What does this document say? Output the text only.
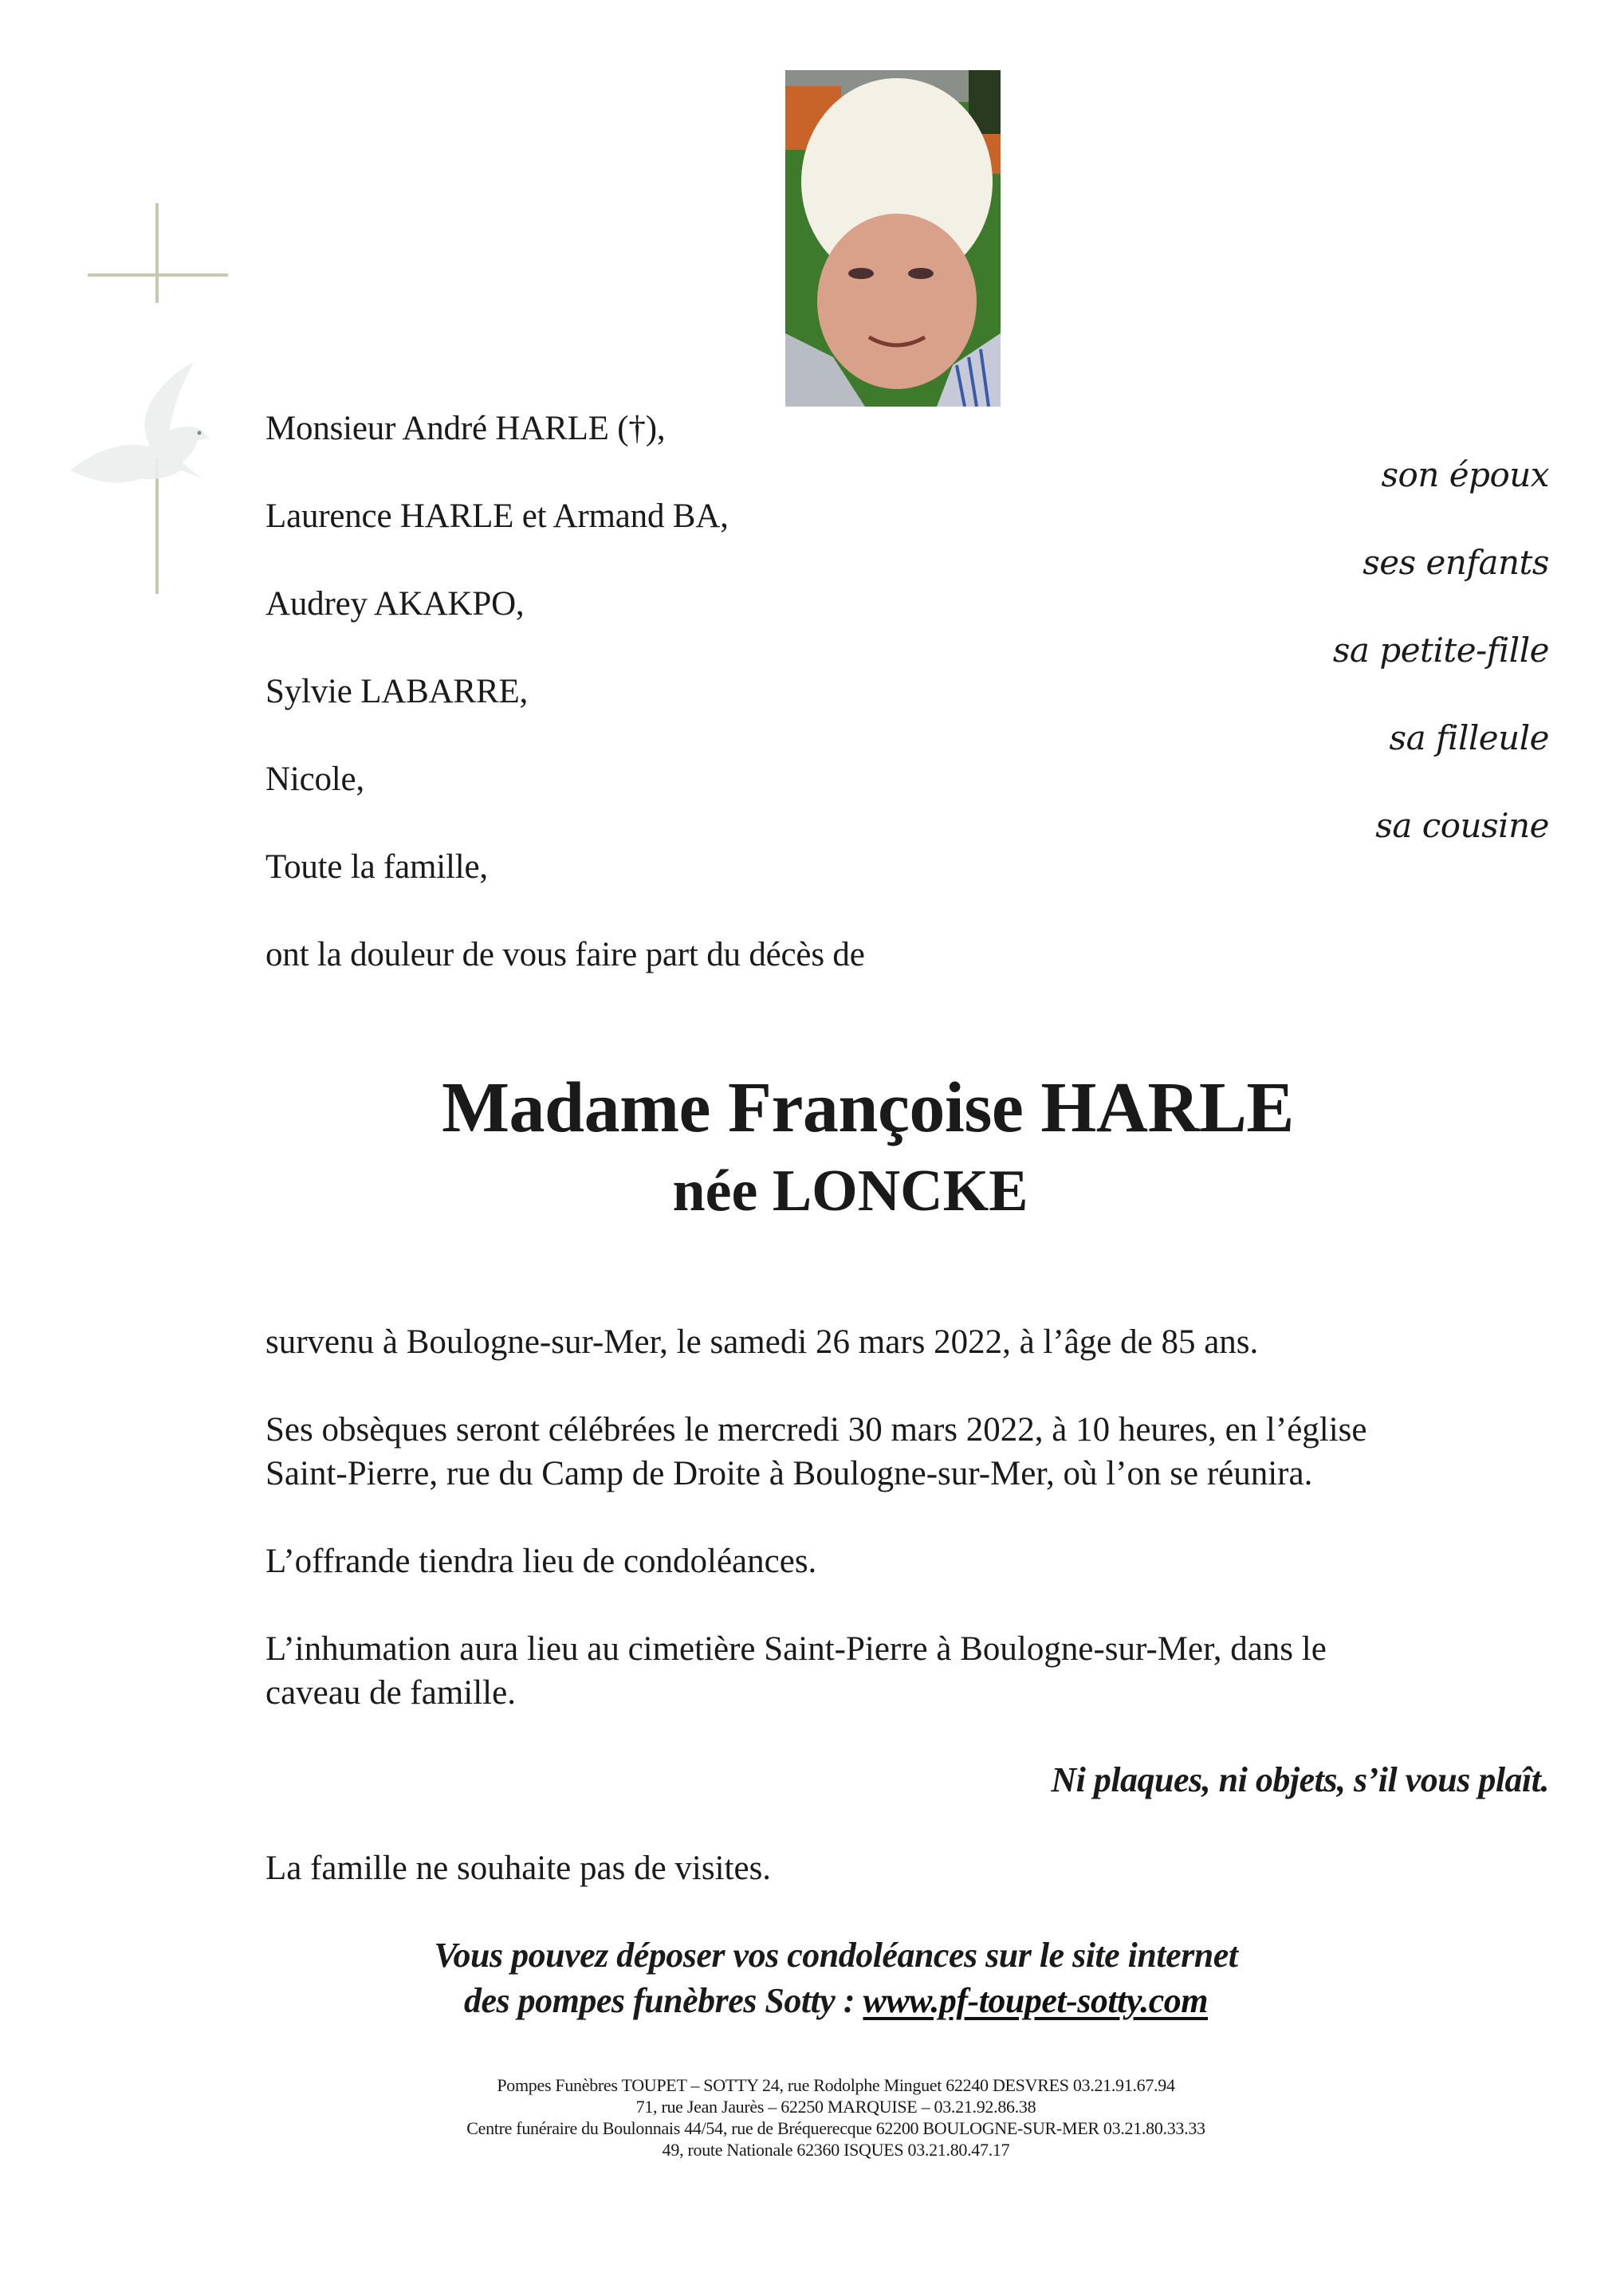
Monsieur André HARLE (†),
son époux
Laurence HARLE et Armand BA,
ses enfants
Audrey AKAKPO,
sa petite-fille
Sylvie LABARRE,
sa filleule
Nicole,
sa cousine
Toute la famille,
ont la douleur de vous faire part du décès de
Madame Françoise HARLE
née LONCKE
survenu à Boulogne-sur-Mer, le samedi 26 mars 2022, à l’âge de 85 ans.
Ses obsèques seront célébrées le mercredi 30 mars 2022, à 10 heures, en l’église
Saint-Pierre, rue du Camp de Droite à Boulogne-sur-Mer, où l’on se réunira.
L’offrande tiendra lieu de condoléances.
L’inhumation aura lieu au cimetière Saint-Pierre à Boulogne-sur-Mer, dans le
caveau de famille.
Ni plaques, ni objets, s’il vous plaît.
La famille ne souhaite pas de visites.
Vous pouvez déposer vos condoléances sur le site internet
des pompes funèbres Sotty : www.pf-toupet-sotty.com
Pompes Funèbres TOUPET – SOTTY 24, rue Rodolphe Minguet 62240 DESVRES 03.21.91.67.94
71, rue Jean Jaurès – 62250 MARQUISE – 03.21.92.86.38
Centre funéraire du Boulonnais 44/54, rue de Bréquerecque 62200 BOULOGNE-SUR-MER 03.21.80.33.33
49, route Nationale 62360 ISQUES 03.21.80.47.17
